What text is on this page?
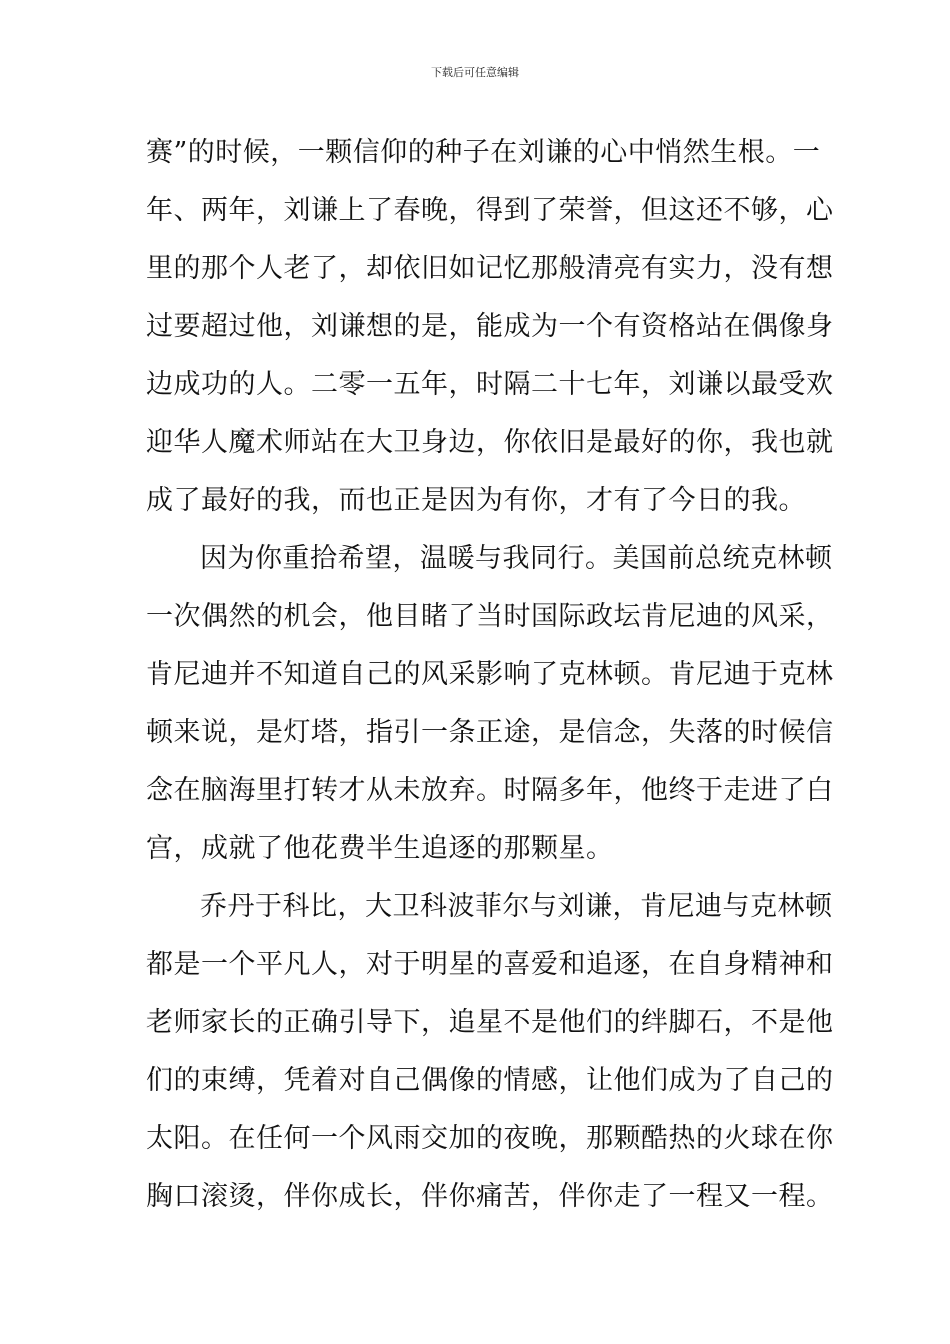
下载后可任意编辑
赛”的时候，一颗信仰的种子在刘谦的心中悄然生根。一
年、两年，刘谦上了春晚，得到了荣誉，但这还不够，心
里的那个人老了，却依旧如记忆那般清亮有实力，没有想
过要超过他，刘谦想的是，能成为一个有资格站在偶像身
边成功的人。二零一五年，时隔二十七年，刘谦以最受欢
迎华人魔术师站在大卫身边，你依旧是最好的你，我也就
成了最好的我，而也正是因为有你，才有了今日的我。
因为你重拾希望，温暖与我同行。美国前总统克林顿
一次偶然的机会，他目睹了当时国际政坛肯尼迪的风采，
肯尼迪并不知道自己的风采影响了克林顿。肯尼迪于克林
顿来说，是灯塔，指引一条正途，是信念，失落的时候信
念在脑海里打转才从未放弃。时隔多年，他终于走进了白
宫，成就了他花费半生追逐的那颗星。
乔丹于科比，大卫科波菲尔与刘谦，肯尼迪与克林顿
都是一个平凡人，对于明星的喜爱和追逐，在自身精神和
老师家长的正确引导下，追星不是他们的绊脚石，不是他
们的束缚，凭着对自己偶像的情感，让他们成为了自己的
太阳。在任何一个风雨交加的夜晚，那颗酷热的火球在你
胸口滚烫，伴你成长，伴你痛苦，伴你走了一程又一程。
